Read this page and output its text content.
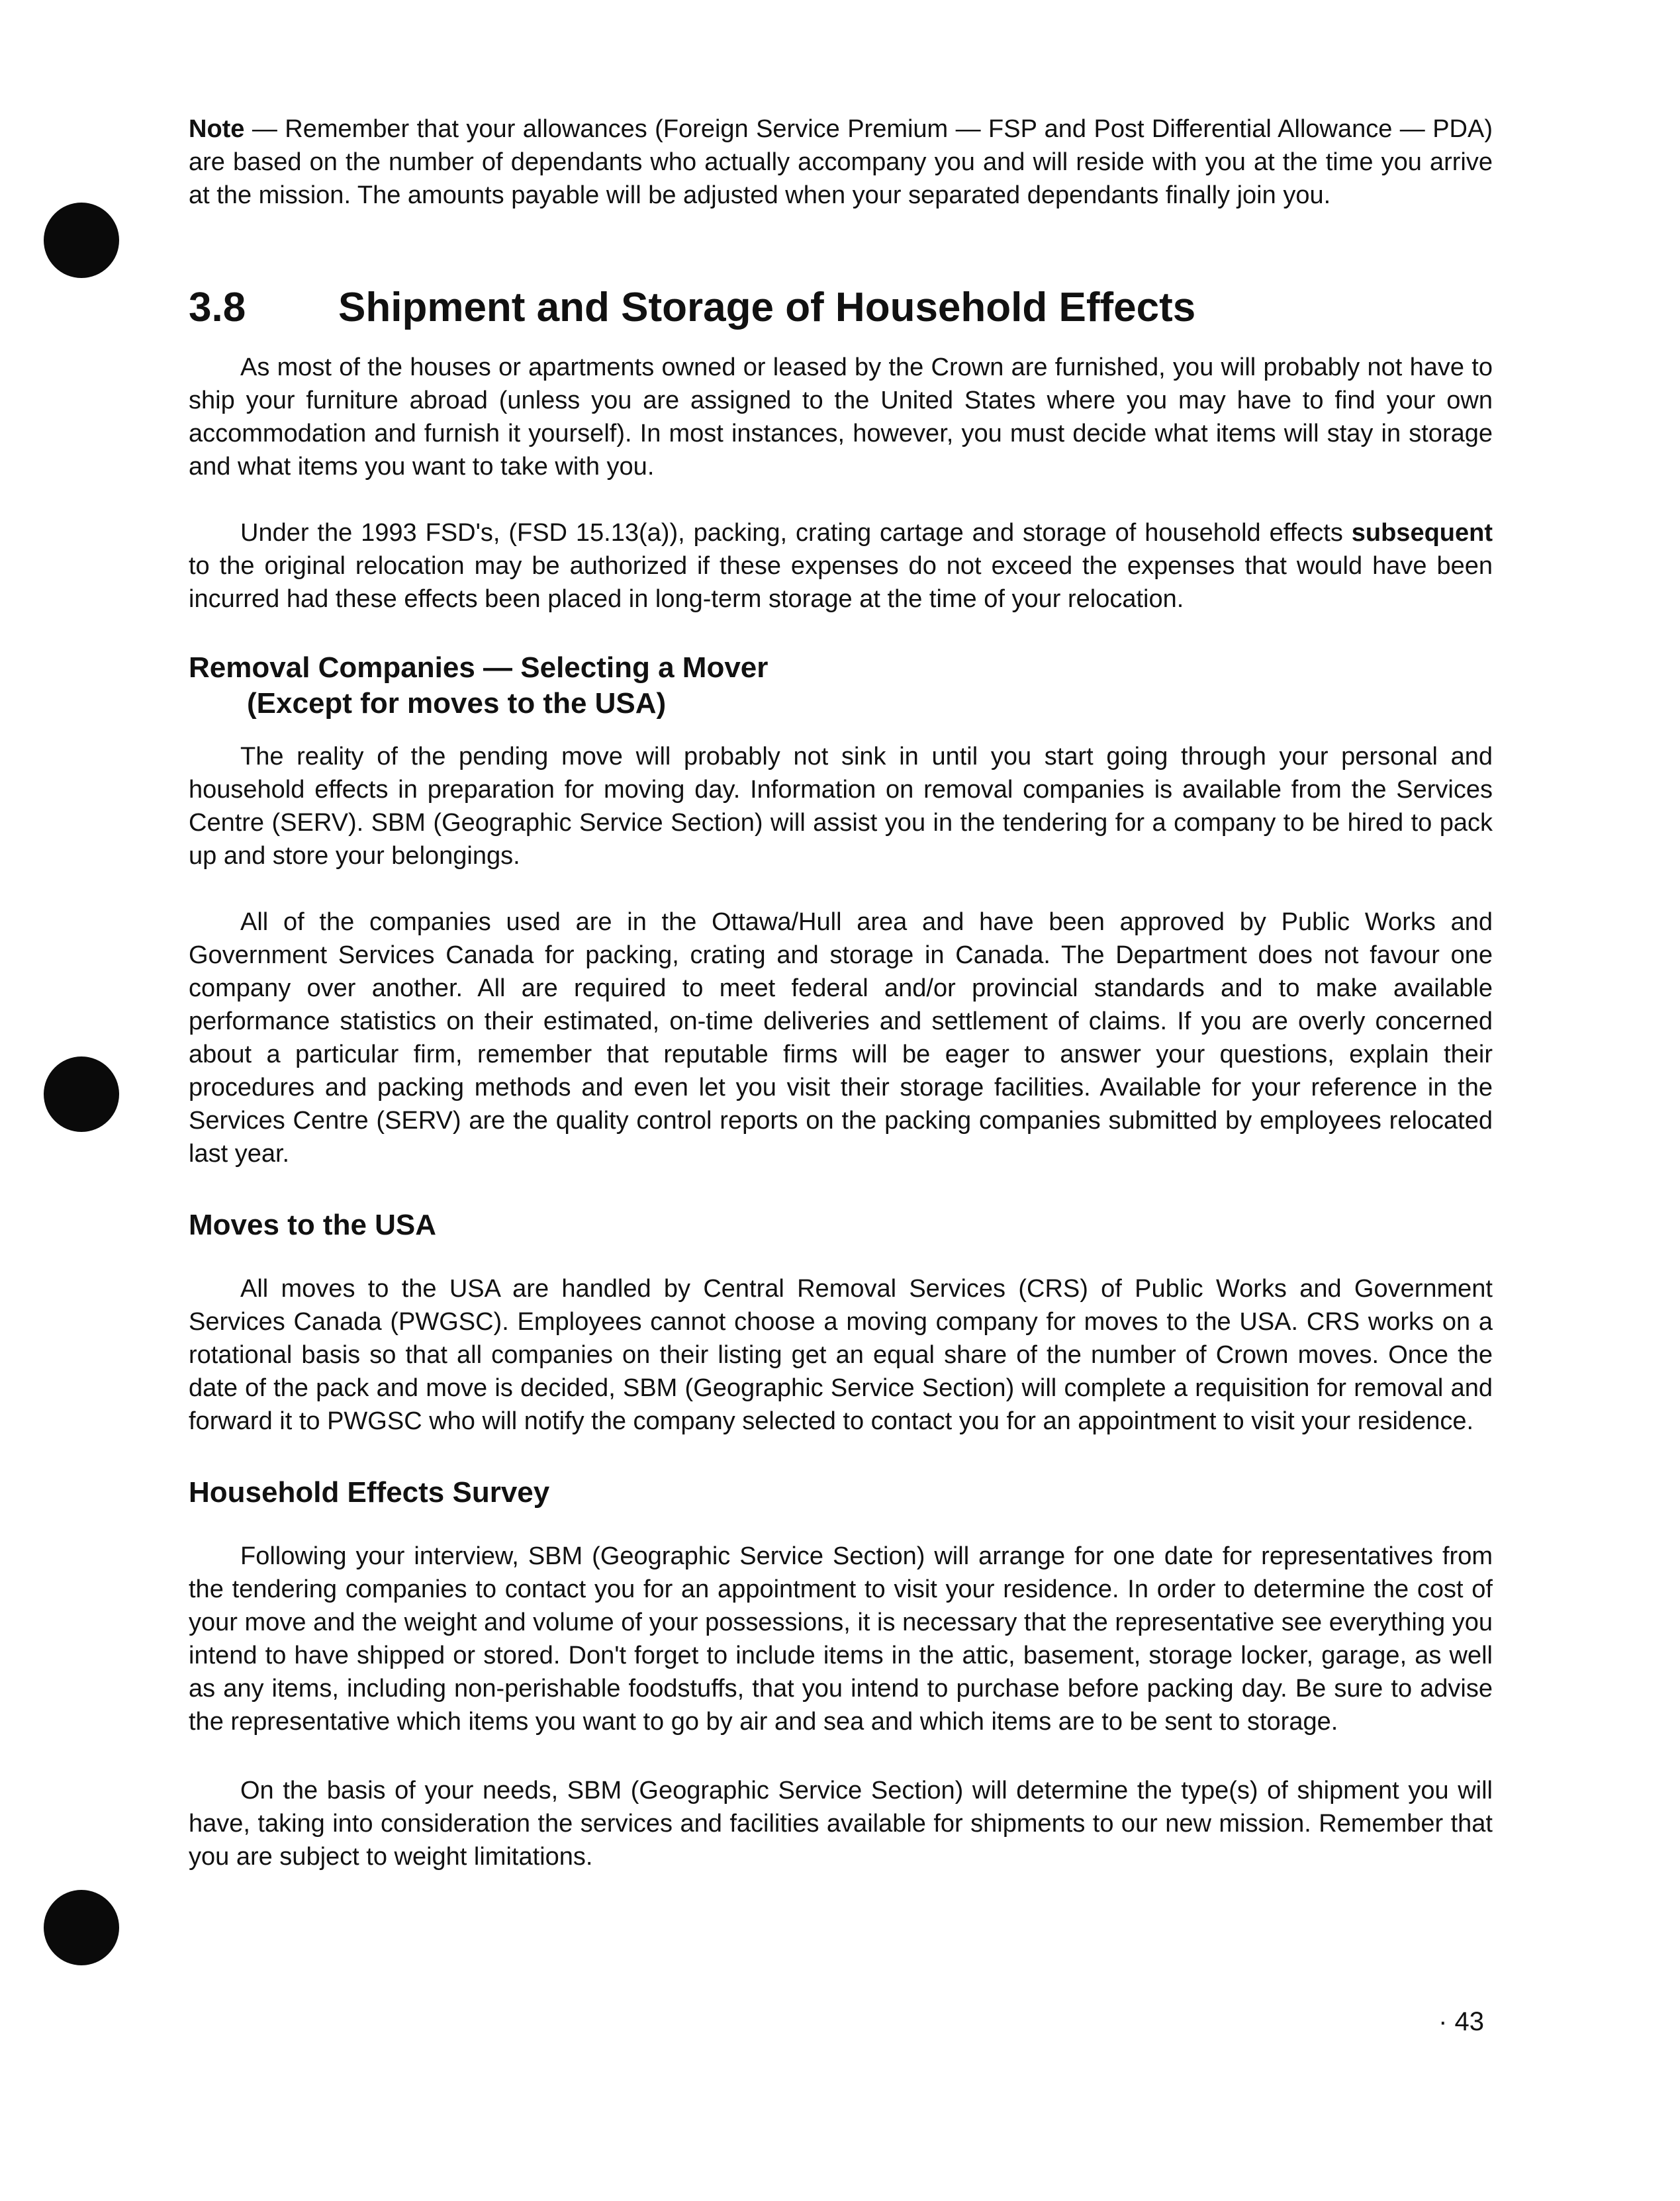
Note — Remember that your allowances (Foreign Service Premium — FSP and Post Differential Allowance — PDA) are based on the number of dependants who actually accompany you and will reside with you at the time you arrive at the mission. The amounts payable will be adjusted when your separated dependants finally join you.

3.8 Shipment and Storage of Household Effects

As most of the houses or apartments owned or leased by the Crown are furnished, you will probably not have to ship your furniture abroad (unless you are assigned to the United States where you may have to find your own accommodation and furnish it yourself). In most instances, however, you must decide what items will stay in storage and what items you want to take with you.

Under the 1993 FSD's, (FSD 15.13(a)), packing, crating cartage and storage of household effects subsequent to the original relocation may be authorized if these expenses do not exceed the expenses that would have been incurred had these effects been placed in long-term storage at the time of your relocation.

Removal Companies — Selecting a Mover
(Except for moves to the USA)

The reality of the pending move will probably not sink in until you start going through your personal and household effects in preparation for moving day. Information on removal companies is available from the Services Centre (SERV). SBM (Geographic Service Section) will assist you in the tendering for a company to be hired to pack up and store your belongings.

All of the companies used are in the Ottawa/Hull area and have been approved by Public Works and Government Services Canada for packing, crating and storage in Canada. The Department does not favour one company over another. All are required to meet federal and/or provincial standards and to make available performance statistics on their estimated, on-time deliveries and settlement of claims. If you are overly concerned about a particular firm, remember that reputable firms will be eager to answer your questions, explain their procedures and packing methods and even let you visit their storage facilities. Available for your reference in the Services Centre (SERV) are the quality control reports on the packing companies submitted by employees relocated last year.

Moves to the USA

All moves to the USA are handled by Central Removal Services (CRS) of Public Works and Government Services Canada (PWGSC). Employees cannot choose a moving company for moves to the USA. CRS works on a rotational basis so that all companies on their listing get an equal share of the number of Crown moves. Once the date of the pack and move is decided, SBM (Geographic Service Section) will complete a requisition for removal and forward it to PWGSC who will notify the company selected to contact you for an appointment to visit your residence.

Household Effects Survey

Following your interview, SBM (Geographic Service Section) will arrange for one date for representatives from the tendering companies to contact you for an appointment to visit your residence. In order to determine the cost of your move and the weight and volume of your possessions, it is necessary that the representative see everything you intend to have shipped or stored. Don't forget to include items in the attic, basement, storage locker, garage, as well as any items, including non-perishable foodstuffs, that you intend to purchase before packing day. Be sure to advise the representative which items you want to go by air and sea and which items are to be sent to storage.

On the basis of your needs, SBM (Geographic Service Section) will determine the type(s) of shipment you will have, taking into consideration the services and facilities available for shipments to our new mission. Remember that you are subject to weight limitations.

· 43
